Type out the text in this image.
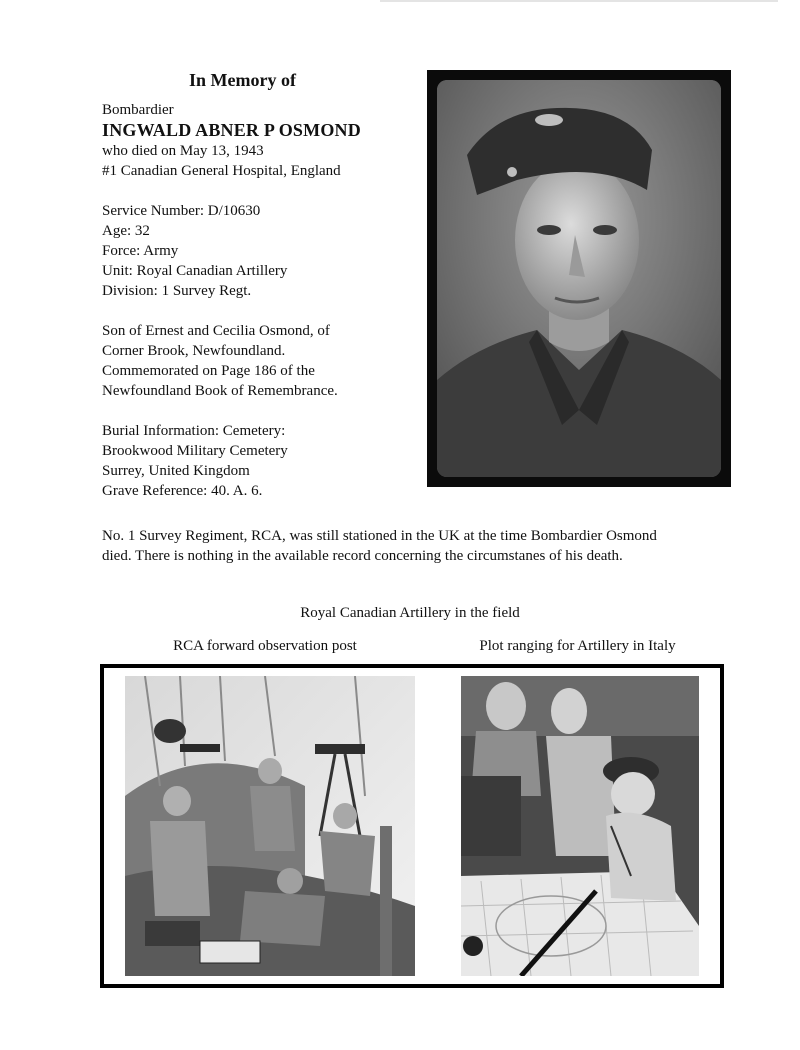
In Memory of
Bombardier
INGWALD ABNER P OSMOND
who died on May 13, 1943
#1 Canadian General Hospital, England
Service Number: D/10630
Age: 32
Force: Army
Unit: Royal Canadian Artillery
Division: 1 Survey Regt.
Son of Ernest and Cecilia Osmond, of
Corner Brook, Newfoundland.
Commemorated on Page 186 of the
Newfoundland Book of Remembrance.
Burial Information: Cemetery:
Brookwood Military Cemetery
Surrey, United Kingdom
Grave Reference: 40. A. 6.
No. 1 Survey Regiment, RCA, was still stationed in the UK at the time Bombardier Osmond
died. There is nothing in the available record concerning the circumstanes of his death.
Royal Canadian Artillery in the field
RCA forward observation post	Plot ranging for Artillery in Italy
